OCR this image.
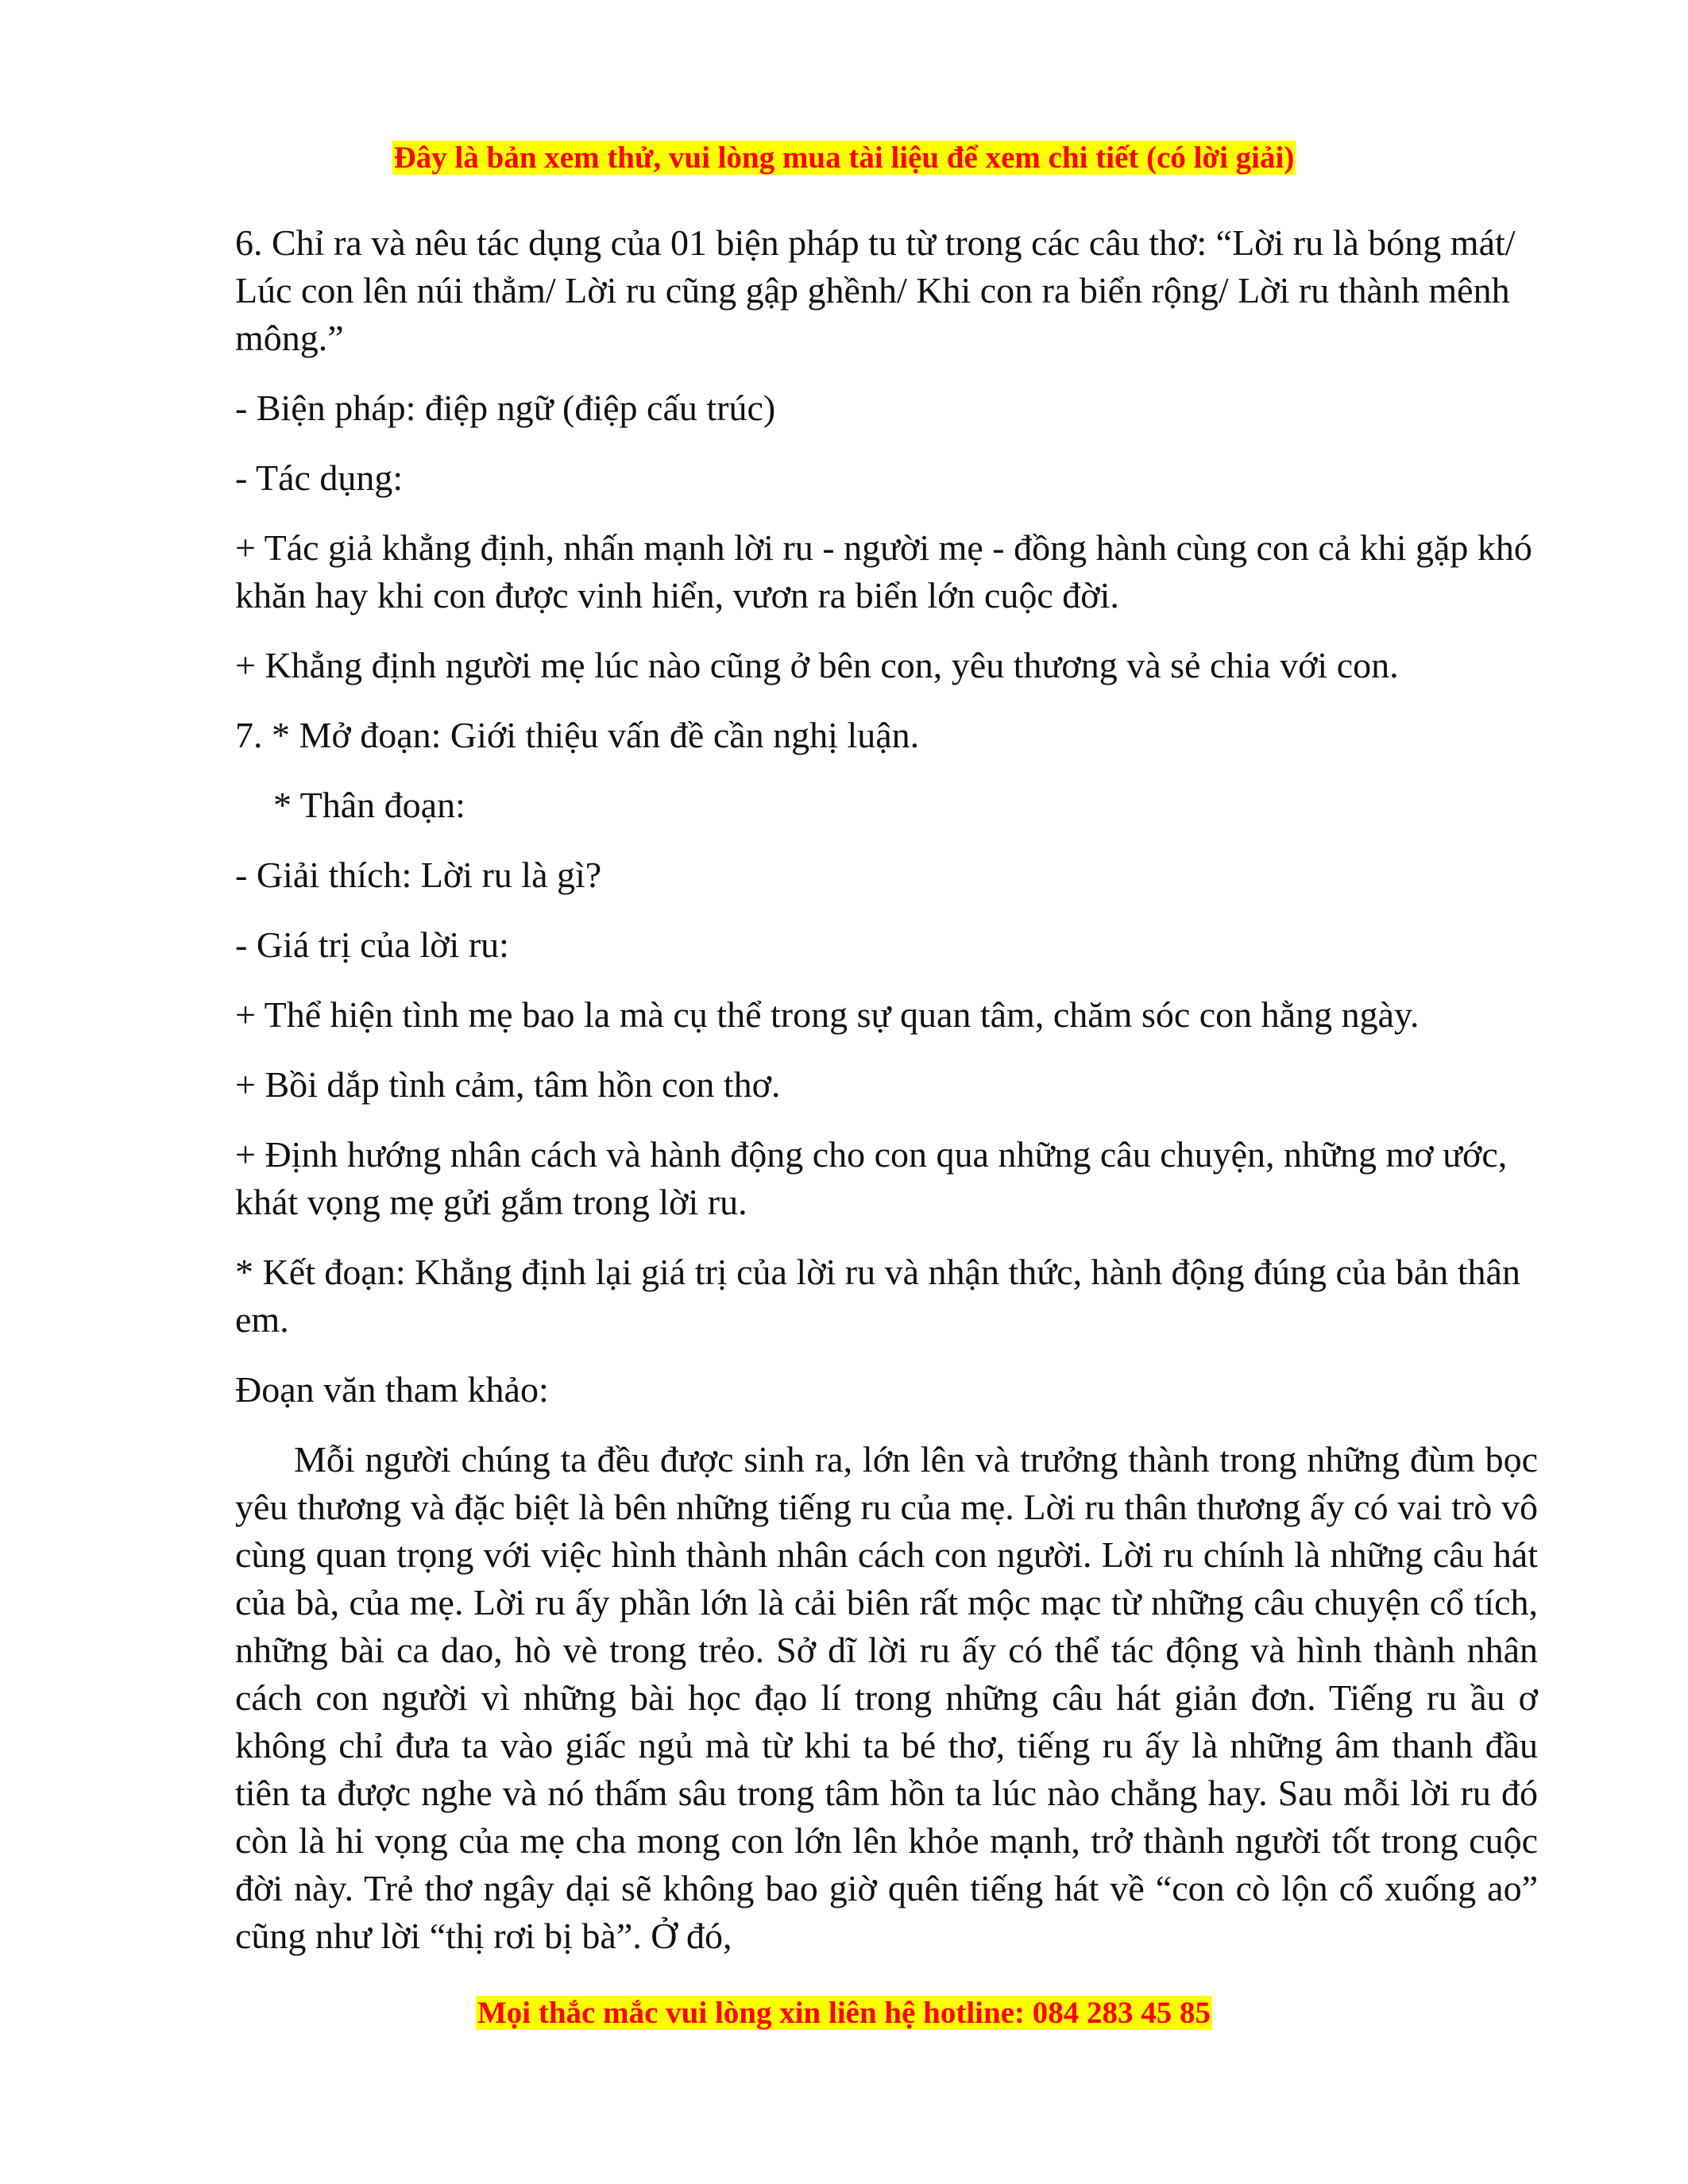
Đây là bản xem thử, vui lòng mua tài liệu để xem chi tiết (có lời giải)

6. Chỉ ra và nêu tác dụng của 01 biện pháp tu từ trong các câu thơ: “Lời ru là bóng mát/ Lúc con lên núi thẳm/ Lời ru cũng gập ghềnh/ Khi con ra biển rộng/ Lời ru thành mênh mông.”

- Biện pháp: điệp ngữ (điệp cấu trúc)

- Tác dụng:

+ Tác giả khẳng định, nhấn mạnh lời ru - người mẹ - đồng hành cùng con cả khi gặp khó khăn hay khi con được vinh hiển, vươn ra biển lớn cuộc đời.

+ Khẳng định người mẹ lúc nào cũng ở bên con, yêu thương và sẻ chia với con.

7. * Mở đoạn: Giới thiệu vấn đề cần nghị luận.

* Thân đoạn:

- Giải thích: Lời ru là gì?

- Giá trị của lời ru:

+ Thể hiện tình mẹ bao la mà cụ thể trong sự quan tâm, chăm sóc con hằng ngày.

+ Bồi dắp tình cảm, tâm hồn con thơ.

+ Định hướng nhân cách và hành động cho con qua những câu chuyện, những mơ ước, khát vọng mẹ gửi gắm trong lời ru.

* Kết đoạn: Khẳng định lại giá trị của lời ru và nhận thức, hành động đúng của bản thân em.

Đoạn văn tham khảo:

Mỗi người chúng ta đều được sinh ra, lớn lên và trưởng thành trong những đùm bọc yêu thương và đặc biệt là bên những tiếng ru của mẹ. Lời ru thân thương ấy có vai trò vô cùng quan trọng với việc hình thành nhân cách con người. Lời ru chính là những câu hát của bà, của mẹ. Lời ru ấy phần lớn là cải biên rất mộc mạc từ những câu chuyện cổ tích, những bài ca dao, hò vè trong trẻo. Sở dĩ lời ru ấy có thể tác động và hình thành nhân cách con người vì những bài học đạo lí trong những câu hát giản đơn. Tiếng ru ầu ơ không chỉ đưa ta vào giấc ngủ mà từ khi ta bé thơ, tiếng ru ấy là những âm thanh đầu tiên ta được nghe và nó thấm sâu trong tâm hồn ta lúc nào chẳng hay. Sau mỗi lời ru đó còn là hi vọng của mẹ cha mong con lớn lên khỏe mạnh, trở thành người tốt trong cuộc đời này. Trẻ thơ ngây dại sẽ không bao giờ quên tiếng hát về “con cò lộn cổ xuống ao” cũng như lời “thị rơi bị bà”. Ở đó,

Mọi thắc mắc vui lòng xin liên hệ hotline: 084 283 45 85
